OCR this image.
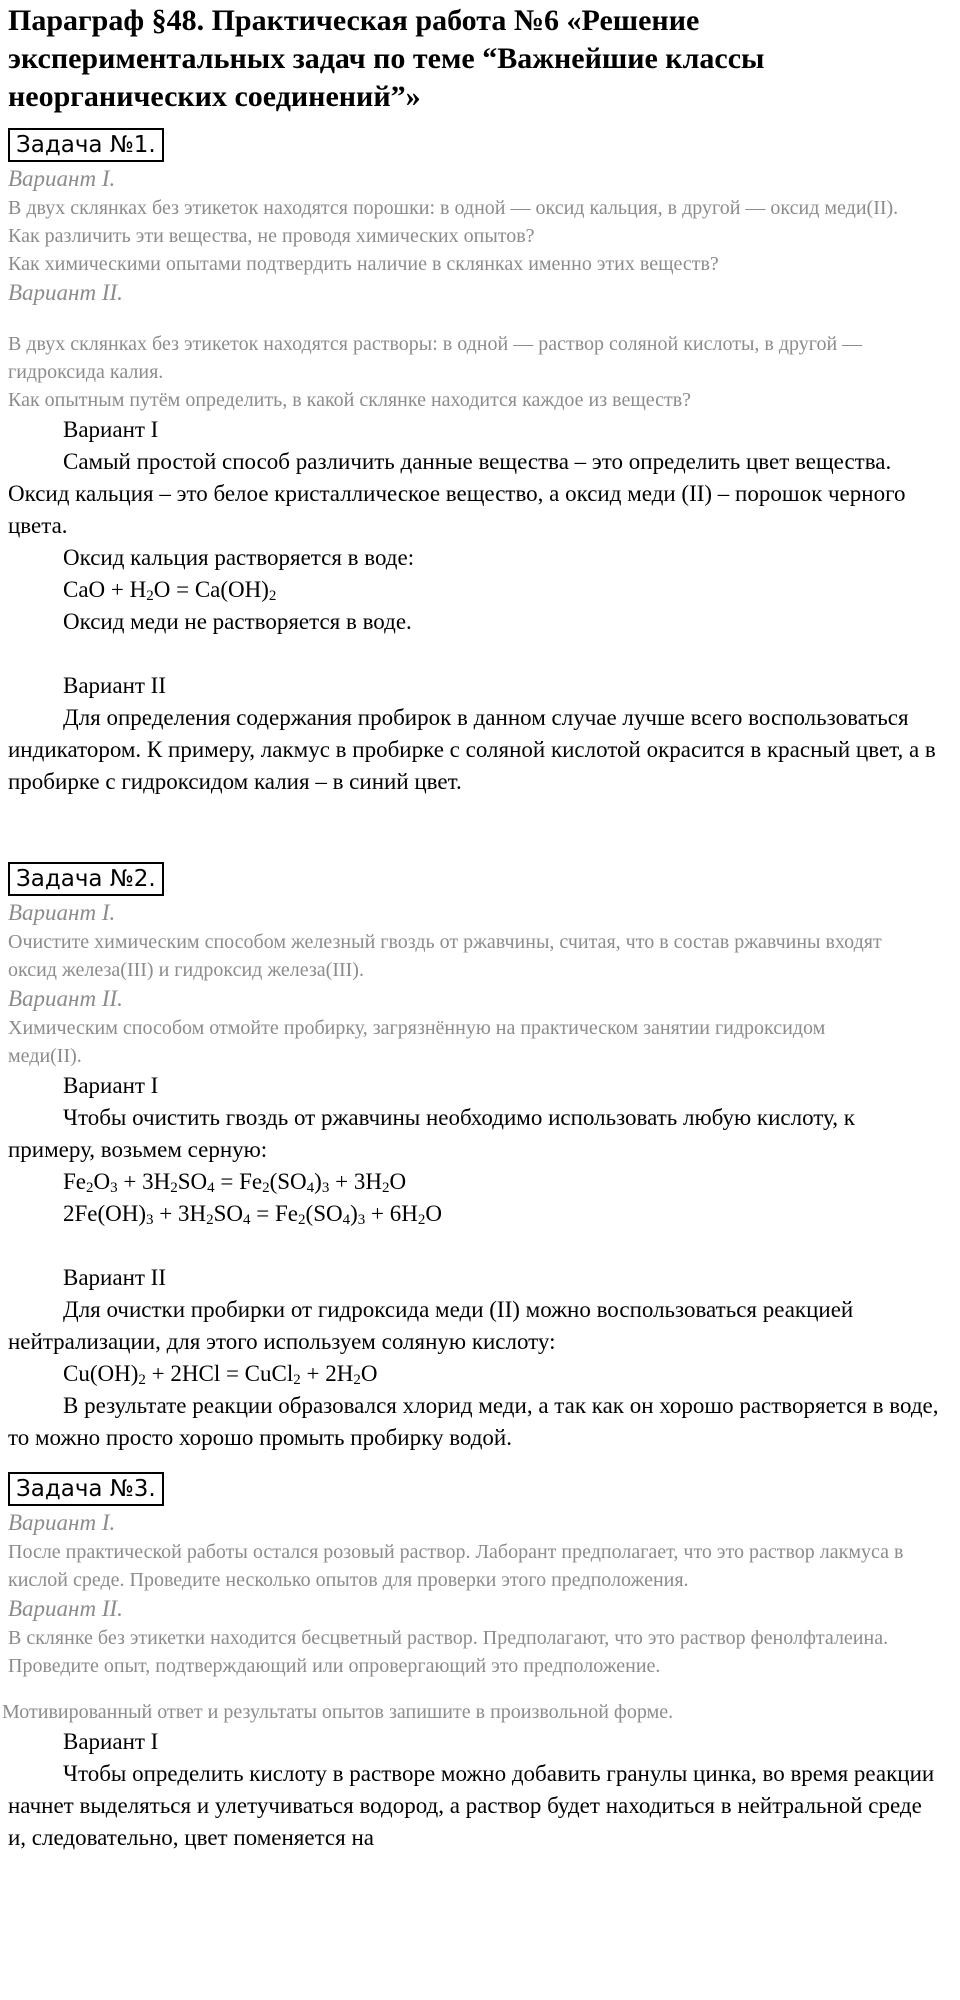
Параграф §48. Практическая работа №6 «Решение экспериментальных задач по теме “Важнейшие классы неорганических соединений”»
Задача №1.
Вариант I.
В двух склянках без этикеток находятся порошки: в одной — оксид кальция, в другой — оксид меди(II).
Как различить эти вещества, не проводя химических опытов?
Как химическими опытами подтвердить наличие в склянках именно этих веществ?
Вариант II.
В двух склянках без этикеток находятся растворы: в одной — раствор соляной кислоты, в другой — гидроксида калия.
Как опытным путём определить, в какой склянке находится каждое из веществ?

Вариант I

Самый простой способ различить данные вещества – это определить цвет вещества. Оксид кальция – это белое кристаллическое вещество, а оксид меди (II) – порошок черного цвета.

Оксид кальция растворяется в воде:

CaO + $H_2O = Ca(OH)_2$

Оксид меди не растворяется в воде.

Вариант II

Для определения содержания пробирок в данном случае лучше всего воспользоваться индикатором. К примеру, лакмус в пробирке с соляной кислотой окрасится в красный цвет, а в пробирке с гидроксидом калия – в синий цвет.

Задача №2.
Вариант I.
Очистите химическим способом железный гвоздь от ржавчины, считая, что в состав ржавчины входят оксид железа(III) и гидроксид железа(III).
Вариант II.
Химическим способом отмойте пробирку, загрязнённую на практическом занятии гидроксидом меди(II).

Вариант I

Чтобы очистить гвоздь от ржавчины необходимо использовать любую кислоту, к примеру, возьмем серную:

$Fe_2O_3 + 3H_2SO_4 = Fe_2(SO_4)_3 + 3H_2O$

$2Fe(OH)_3 + 3H_2SO_4 = Fe_2(SO_4)_3 + 6H_2O$

Вариант II

Для очистки пробирки от гидроксида меди (II) можно воспользоваться реакцией нейтрализации, для этого используем соляную кислоту:

$Cu(OH)_2 + 2HCl$ = CuCl$_2$ + $2H_2O$

В результате реакции образовался хлорид меди, а так как он хорошо растворяется в воде, то можно просто хорошо промыть пробирку водой.

Задача №3.
Вариант I.
После практической работы остался розовый раствор. Лаборант предполагает, что это раствор лакмуса в кислой среде. Проведите несколько опытов для проверки этого предположения.
Вариант II.
В склянке без этикетки находится бесцветный раствор. Предполагают, что это раствор фенолфталеина. Проведите опыт, подтверждающий или опровергающий это предположение.
Мотивированный ответ и результаты опытов запишите в произвольной форме.

Вариант I

Чтобы определить кислоту в растворе можно добавить гранулы цинка, во время реакции начнет выделяться и улетучиваться водород, а раствор будет находиться в нейтральной среде и, следовательно, цвет поменяется на
